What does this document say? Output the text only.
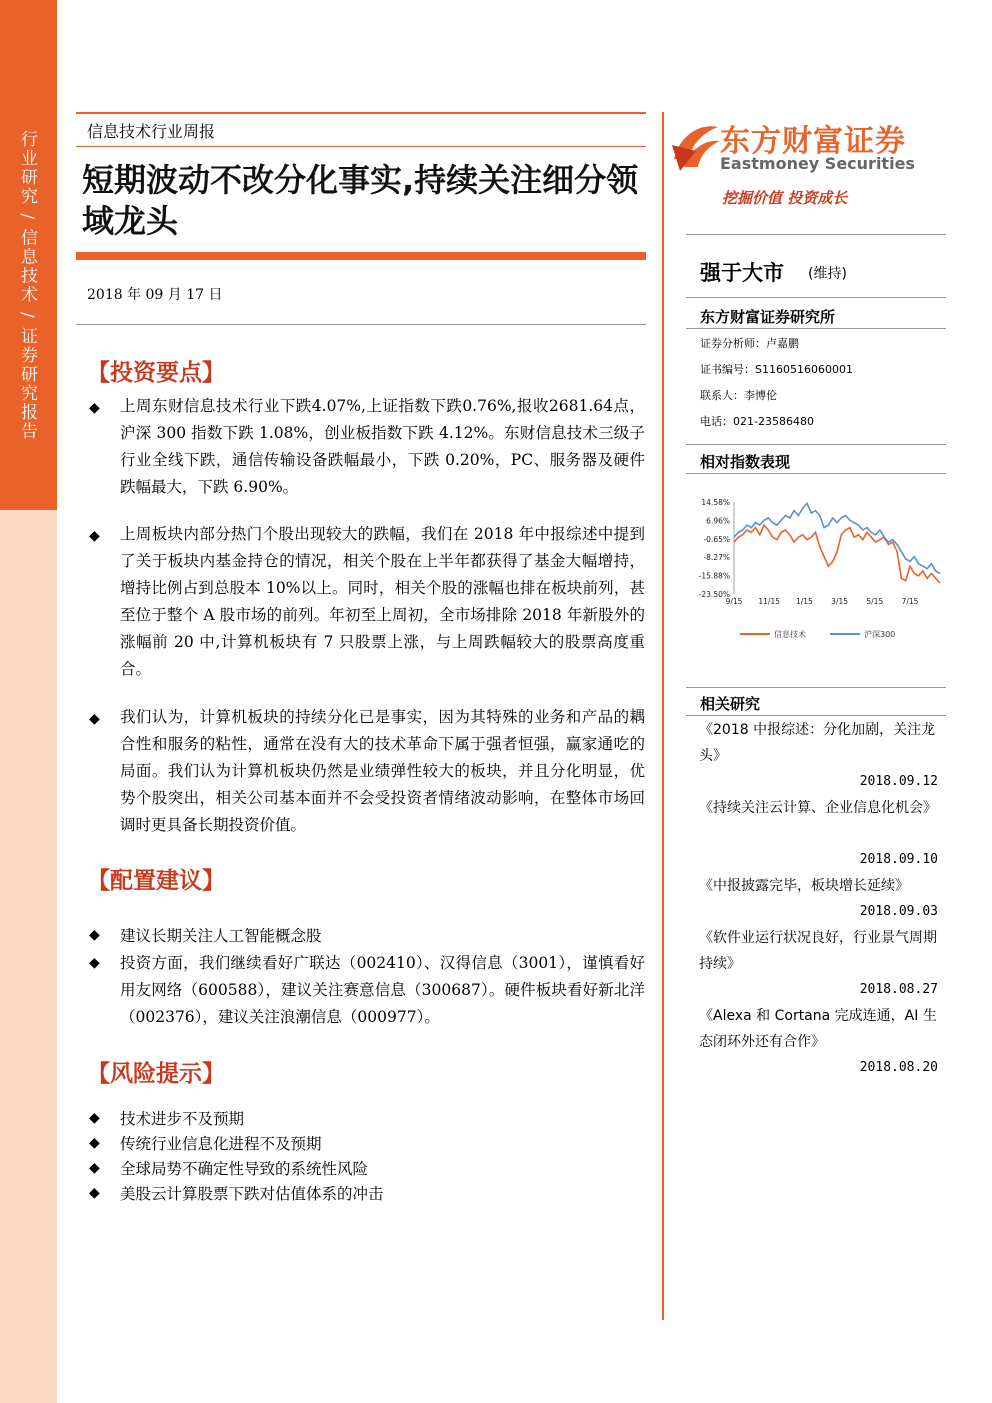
行业研究 / 信息技术 / 证券研究报告	信息技术行业周报
短期波动不改分化事实,持续关注细分领域龙头
2018 年 09 月 17 日
【投资要点】
◆ 上周东财信息技术行业下跌4.07%,上证指数下跌0.76%,报收2681.64点，沪深 300 指数下跌 1.08%，创业板指数下跌 4.12%。东财信息技术三级子行业全线下跌，通信传输设备跌幅最小，下跌 0.20%，PC、服务器及硬件跌幅最大，下跌 6.90%。
◆ 上周板块内部分热门个股出现较大的跌幅，我们在 2018 年中报综述中提到了关于板块内基金持仓的情况，相关个股在上半年都获得了基金大幅增持，增持比例占到总股本 10%以上。同时，相关个股的涨幅也排在板块前列，甚至位于整个 A 股市场的前列。年初至上周初，全市场排除 2018 年新股外的涨幅前 20 中,计算机板块有 7 只股票上涨，与上周跌幅较大的股票高度重合。
◆ 我们认为，计算机板块的持续分化已是事实，因为其特殊的业务和产品的耦合性和服务的粘性，通常在没有大的技术革命下属于强者恒强，赢家通吃的局面。我们认为计算机板块仍然是业绩弹性较大的板块，并且分化明显，优势个股突出，相关公司基本面并不会受投资者情绪波动影响，在整体市场回调时更具备长期投资价值。
【配置建议】
◆ 建议长期关注人工智能概念股
◆ 投资方面，我们继续看好广联达（002410）、汉得信息（3001），谨慎看好用友网络（600588），建议关注赛意信息（300687）。硬件板块看好新北洋（002376），建议关注浪潮信息（000977）。
【风险提示】
◆ 技术进步不及预期
◆ 传统行业信息化进程不及预期
◆ 全球局势不确定性导致的系统性风险
◆ 美股云计算股票下跌对估值体系的冲击
东方财富证券
Eastmoney Securities
挖掘价值 投资成长
强于大市 (维持)
东方财富证券研究所
证券分析师：卢嘉鹏
证书编号：S1160516060001
联系人：李博伦
电话：021-23586480
相对指数表现
14.58%
6.96%
-0.65%
-8.27%
-15.88%
-23.50%
9/15 11/15 1/15 3/15 5/15 7/15
信息技术	沪深300
相关研究
《2018 中报综述：分化加剧，关注龙头》
2018.09.12
《持续关注云计算、企业信息化机会》
2018.09.10
《中报披露完毕，板块增长延续》
2018.09.03
《软件业运行状况良好，行业景气周期持续》
2018.08.27
《Alexa 和 Cortana 完成连通，AI 生态闭环外还有合作》
2018.08.20
